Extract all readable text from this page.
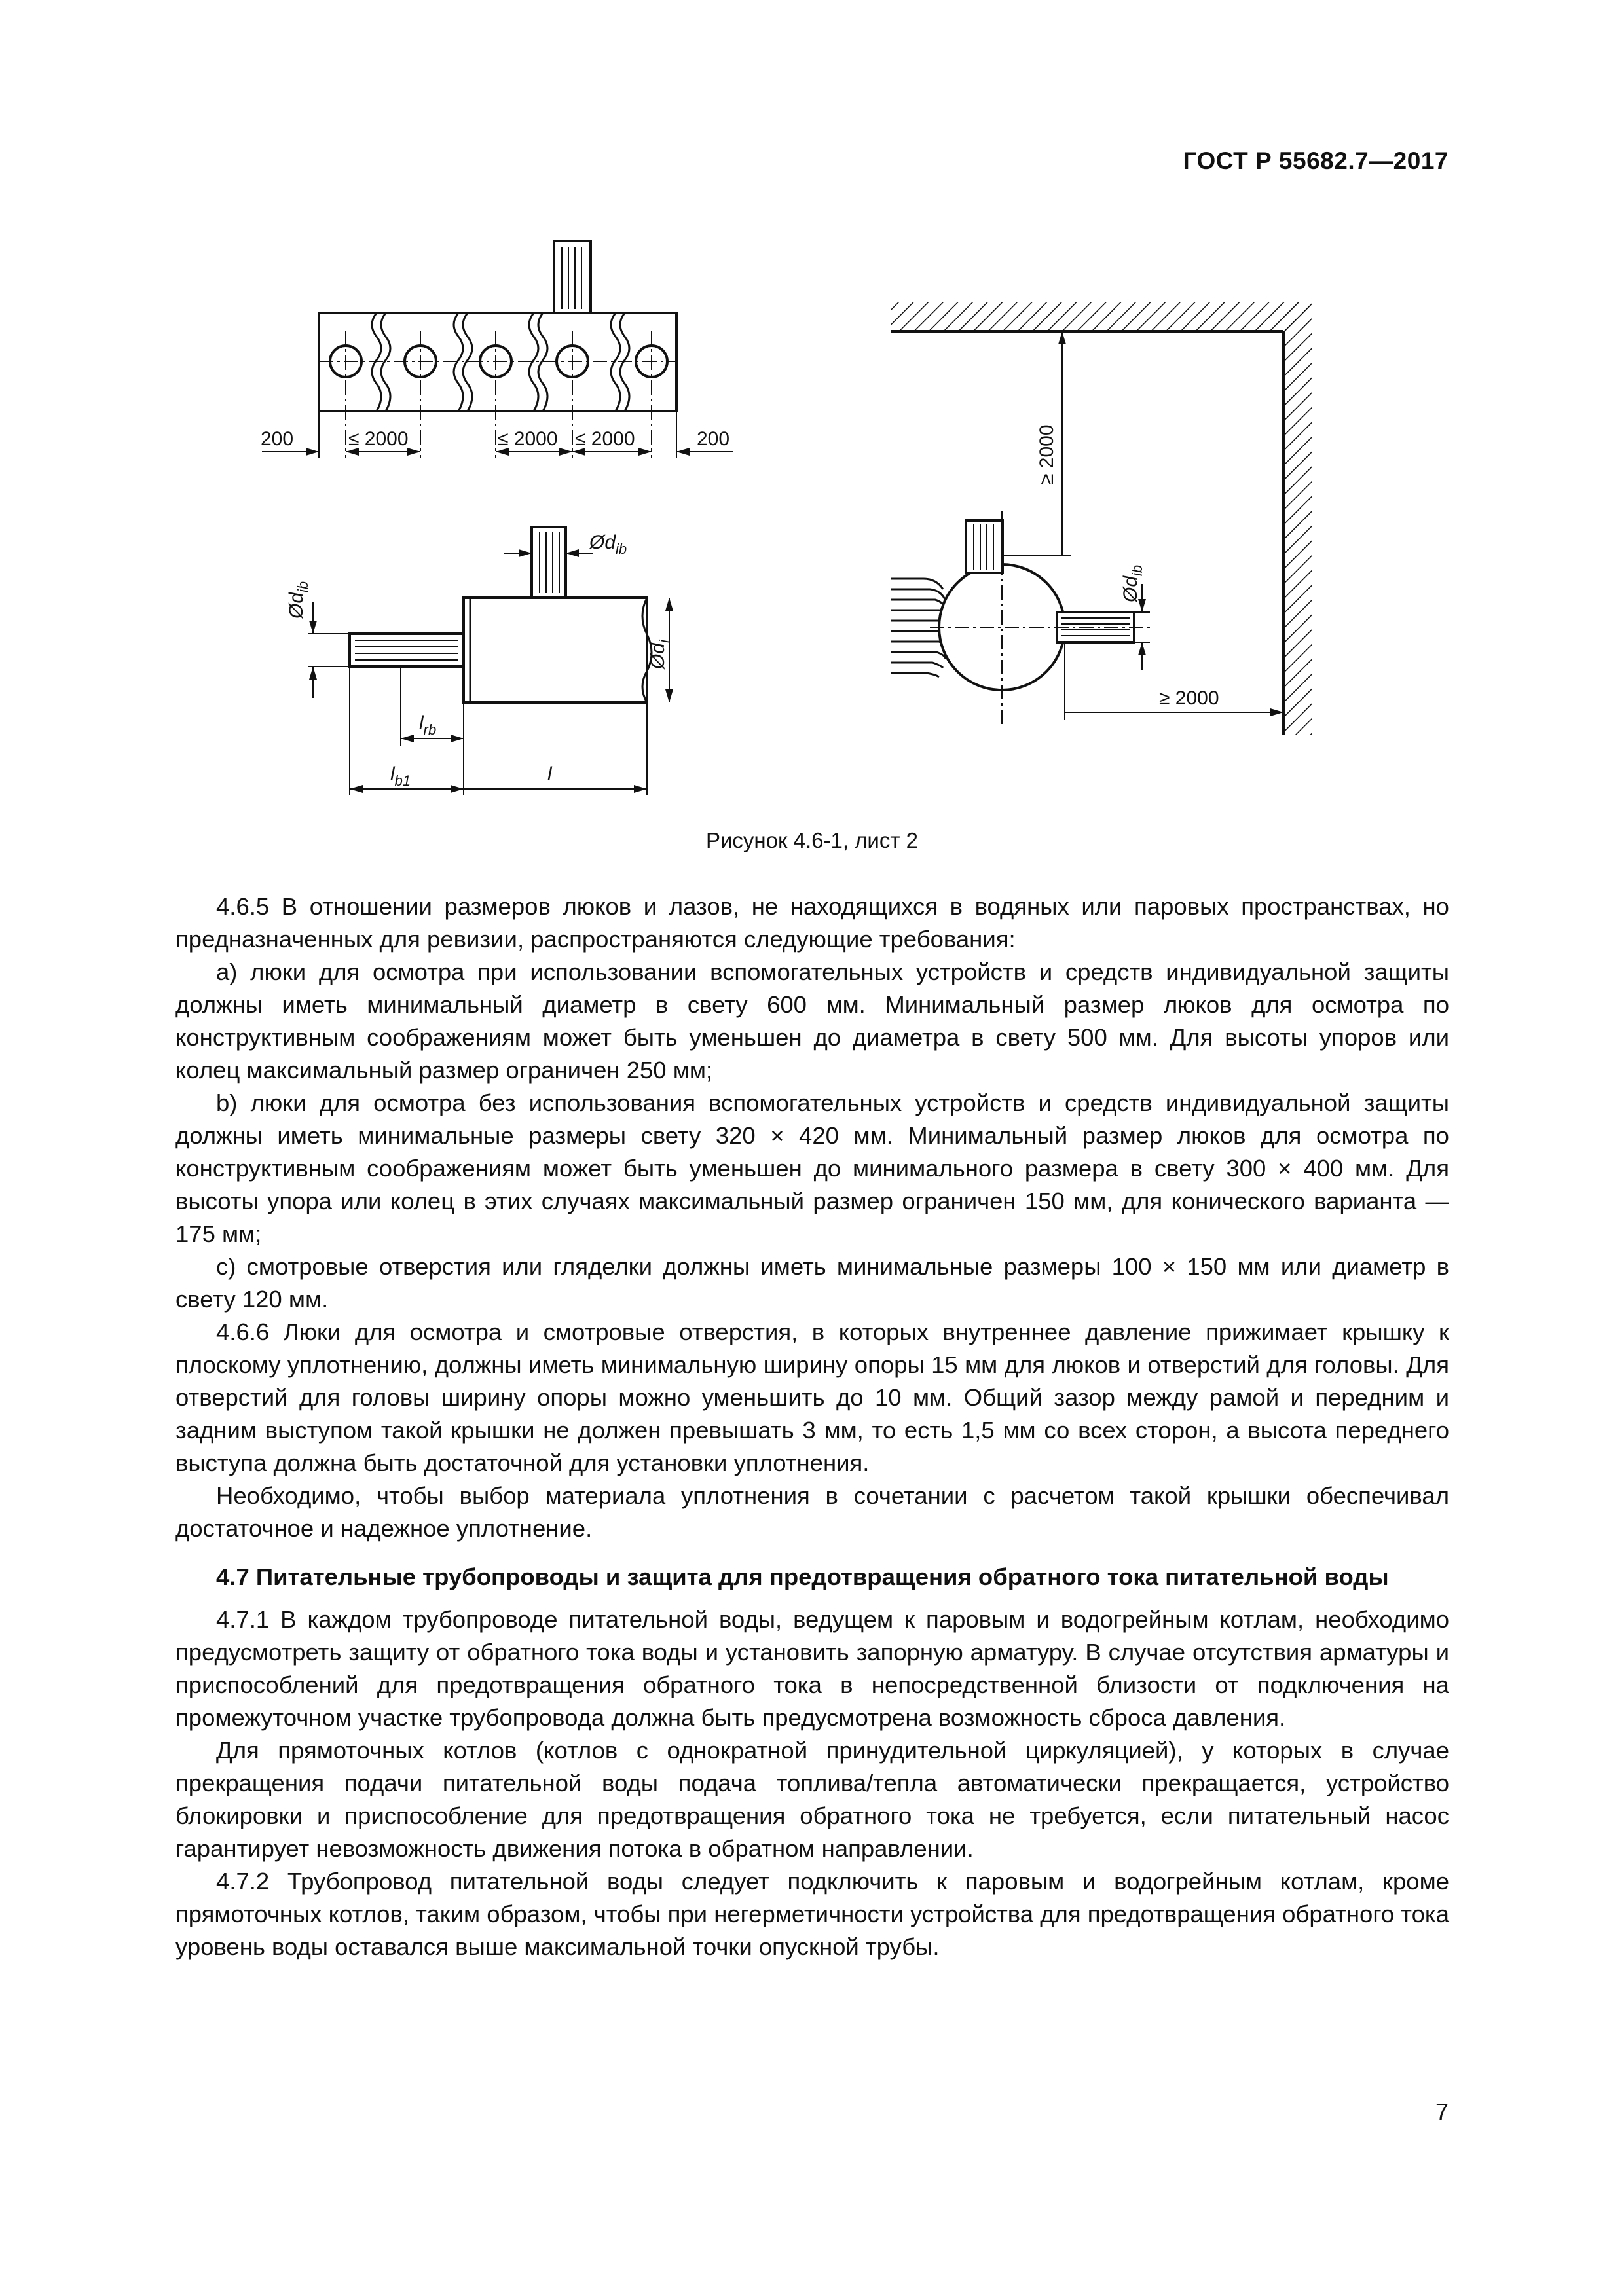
ГОСТ Р 55682.7—2017
200	≤ 2000	≤ 2000 ≤ 2000	200
$Ød_{ib}$
$Ød_{ib}$
$Ød_i$
$l_{rb}$
$l_{b1}$	l
≥ 2000
$Ød_{ib}$
≥ 2000
Рисунок 4.6-1, лист 2

4.6.5 В отношении размеров люков и лазов, не находящихся в водяных или паровых пространствах, но предназначенных для ревизии, распространяются следующие требования:

a) люки для осмотра при использовании вспомогательных устройств и средств индивидуальной защиты должны иметь минимальный диаметр в свету 600 мм. Минимальный размер люков для осмотра по конструктивным соображениям может быть уменьшен до диаметра в свету 500 мм. Для высоты упоров или колец максимальный размер ограничен 250 мм;

b) люки для осмотра без использования вспомогательных устройств и средств индивидуальной защиты должны иметь минимальные размеры свету 320 × 420 мм. Минимальный размер люков для осмотра по конструктивным соображениям может быть уменьшен до минимального размера в свету 300 × 400 мм. Для высоты упора или колец в этих случаях максимальный размер ограничен 150 мм, для конического варианта — 175 мм;

c) смотровые отверстия или гляделки должны иметь минимальные размеры 100 × 150 мм или диаметр в свету 120 мм.

4.6.6 Люки для осмотра и смотровые отверстия, в которых внутреннее давление прижимает крышку к плоскому уплотнению, должны иметь минимальную ширину опоры 15 мм для люков и отверстий для головы. Для отверстий для головы ширину опоры можно уменьшить до 10 мм. Общий зазор между рамой и передним и задним выступом такой крышки не должен превышать 3 мм, то есть 1,5 мм со всех сторон, а высота переднего выступа должна быть достаточной для установки уплотнения.

Необходимо, чтобы выбор материала уплотнения в сочетании с расчетом такой крышки обеспечивал достаточное и надежное уплотнение.

4.7 Питательные трубопроводы и защита для предотвращения обратного тока питательной воды

4.7.1 В каждом трубопроводе питательной воды, ведущем к паровым и водогрейным котлам, необходимо предусмотреть защиту от обратного тока воды и установить запорную арматуру. В случае отсутствия арматуры и приспособлений для предотвращения обратного тока в непосредственной близости от подключения на промежуточном участке трубопровода должна быть предусмотрена возможность сброса давления.

Для прямоточных котлов (котлов с однократной принудительной циркуляцией), у которых в случае прекращения подачи питательной воды подача топлива/тепла автоматически прекращается, устройство блокировки и приспособление для предотвращения обратного тока не требуется, если питательный насос гарантирует невозможность движения потока в обратном направлении.

4.7.2 Трубопровод питательной воды следует подключить к паровым и водогрейным котлам, кроме прямоточных котлов, таким образом, чтобы при негерметичности устройства для предотвращения обратного тока уровень воды оставался выше максимальной точки опускной трубы.

7
